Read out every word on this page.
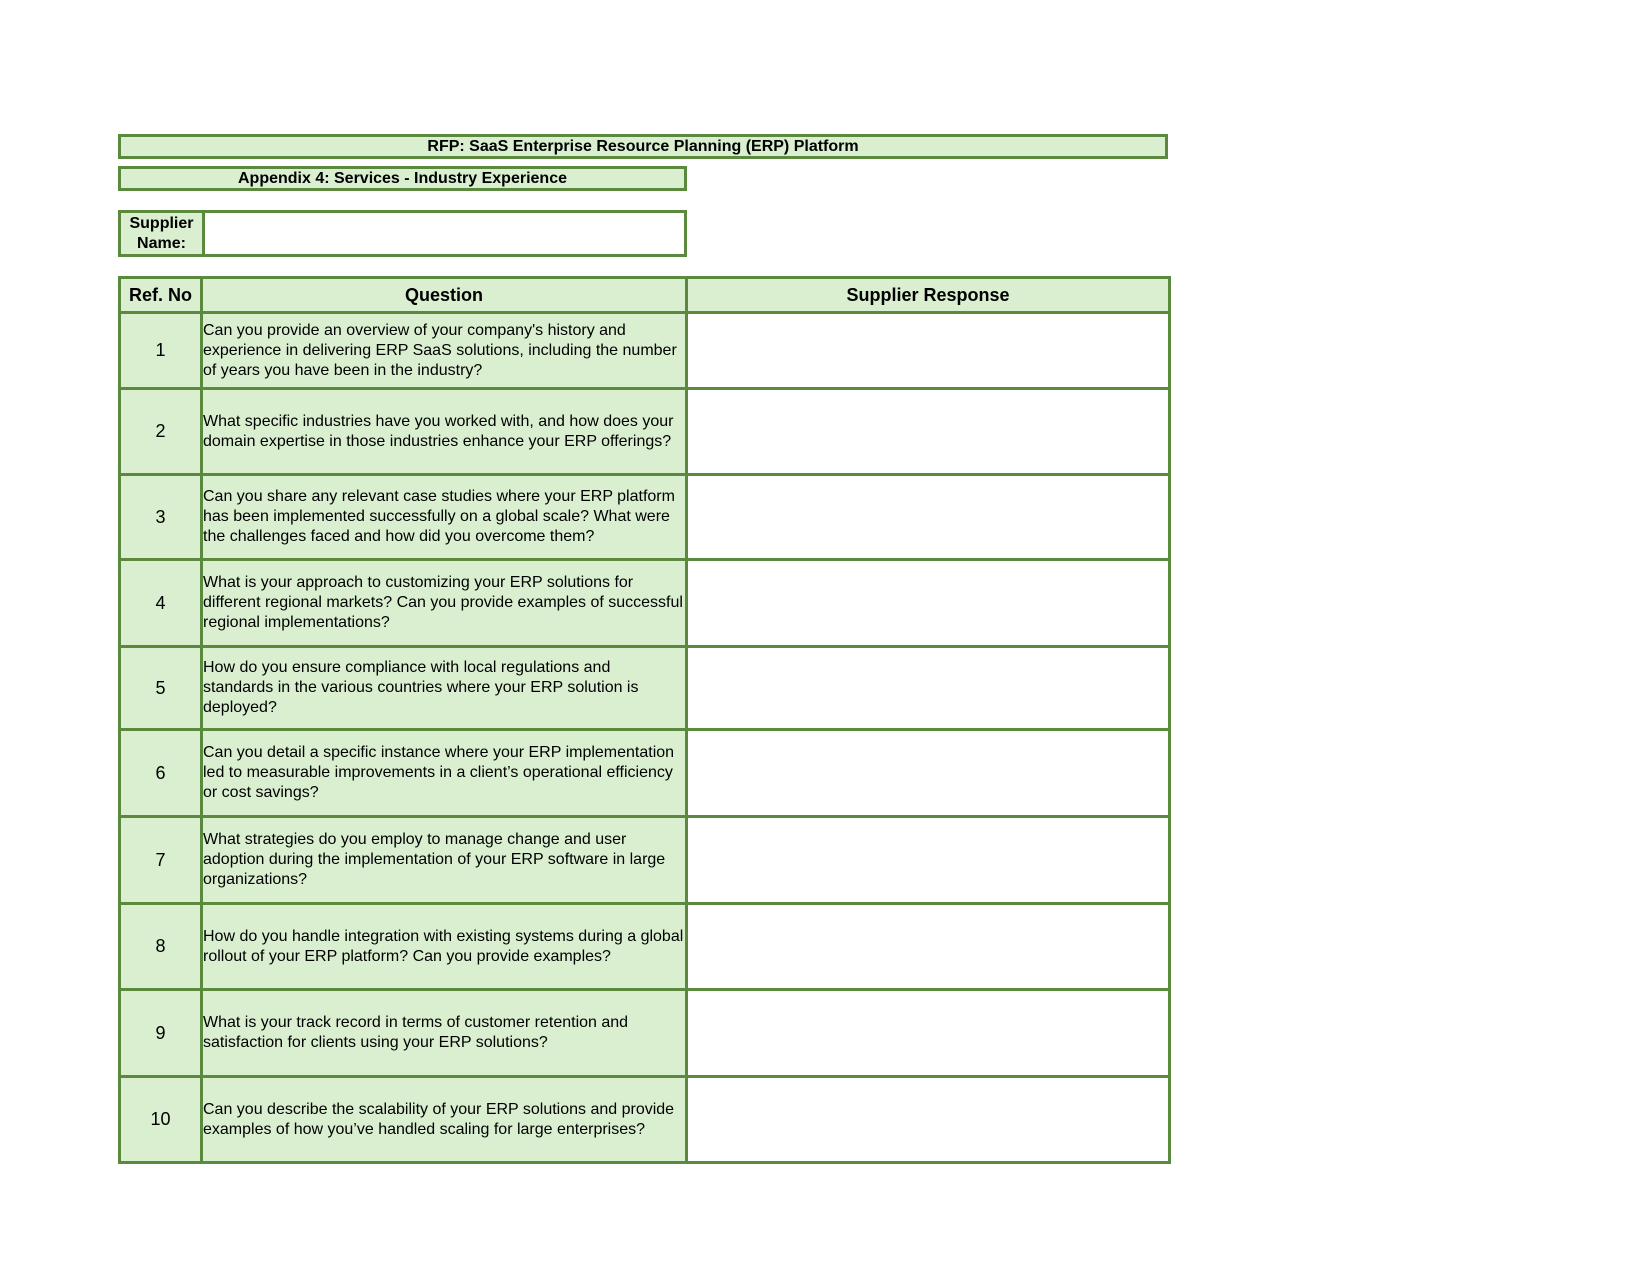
RFP: SaaS Enterprise Resource Planning (ERP) Platform
Appendix 4: Services - Industry Experience
Supplier Name:
Ref. No	Question	Supplier Response
1	Can you provide an overview of your company's history and experience in delivering ERP SaaS solutions, including the number of years you have been in the industry?	

2	What specific industries have you worked with, and how does your domain expertise in those industries enhance your ERP offerings?	

3	Can you share any relevant case studies where your ERP platform has been implemented successfully on a global scale? What were the challenges faced and how did you overcome them?	

4	What is your approach to customizing your ERP solutions for different regional markets? Can you provide examples of successful regional implementations?	

5	How do you ensure compliance with local regulations and standards in the various countries where your ERP solution is deployed?	

6	Can you detail a specific instance where your ERP implementation led to measurable improvements in a client’s operational efficiency or cost savings?	

7	What strategies do you employ to manage change and user adoption during the implementation of your ERP software in large organizations?	

8	How do you handle integration with existing systems during a global rollout of your ERP platform? Can you provide examples?	

9	What is your track record in terms of customer retention and satisfaction for clients using your ERP solutions?	

10	Can you describe the scalability of your ERP solutions and provide examples of how you’ve handled scaling for large enterprises?	
